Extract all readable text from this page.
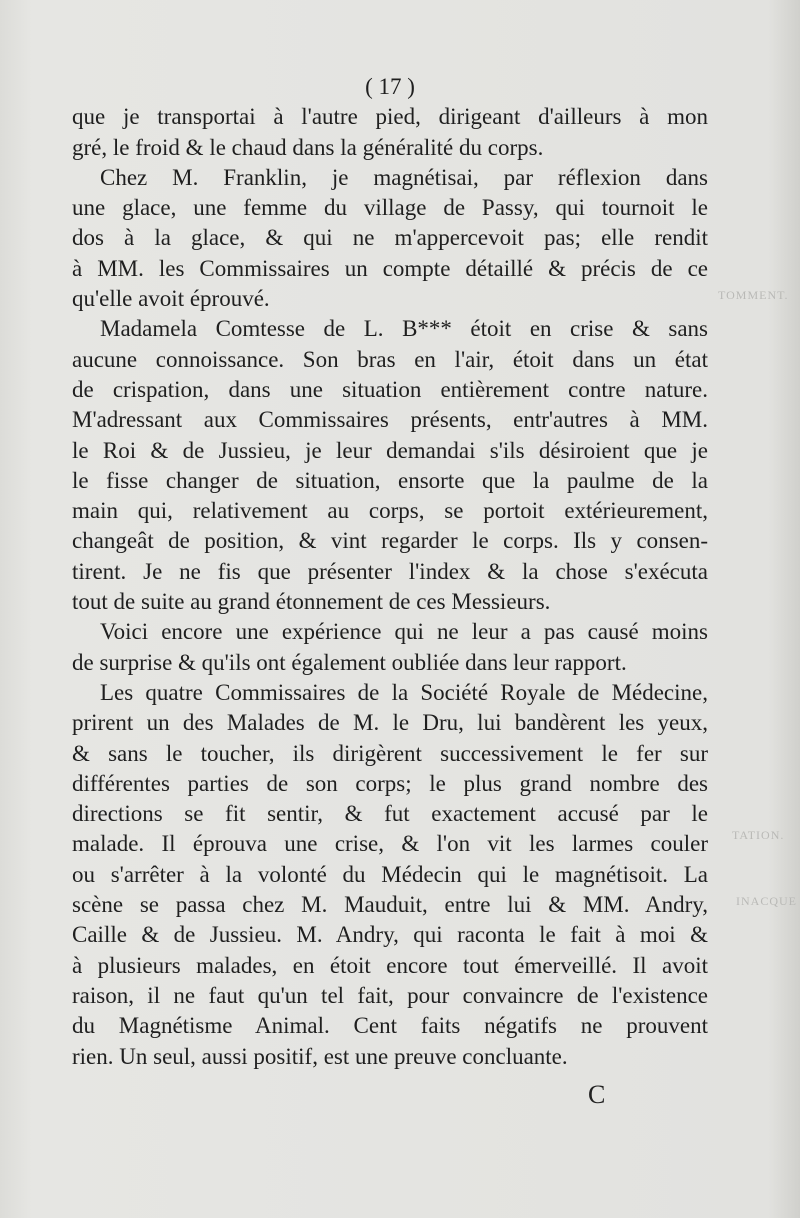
TOMMENT.
TATION.
INACQUE
( 17 )
que je transportai à l'autre pied, dirigeant d'ailleurs à mon
gré, le froid & le chaud dans la généralité du corps.
Chez M. Franklin, je magnétisai, par réflexion dans
une glace, une femme du village de Passy, qui tournoit le
dos à la glace, & qui ne m'appercevoit pas; elle rendit
à MM. les Commissaires un compte détaillé & précis de ce
qu'elle avoit éprouvé.
Madamela Comtesse de L. B*** étoit en crise & sans
aucune connoissance. Son bras en l'air, étoit dans un état
de crispation, dans une situation entièrement contre nature.
M'adressant aux Commissaires présents, entr'autres à MM.
le Roi & de Jussieu, je leur demandai s'ils désiroient que je
le fisse changer de situation, ensorte que la paulme de la
main qui, relativement au corps, se portoit extérieurement,
changeât de position, & vint regarder le corps. Ils y consen-
tirent. Je ne fis que présenter l'index & la chose s'exécuta
tout de suite au grand étonnement de ces Messieurs.
Voici encore une expérience qui ne leur a pas causé moins
de surprise & qu'ils ont également oubliée dans leur rapport.
Les quatre Commissaires de la Société Royale de Médecine,
prirent un des Malades de M. le Dru, lui bandèrent les yeux,
& sans le toucher, ils dirigèrent successivement le fer sur
différentes parties de son corps; le plus grand nombre des
directions se fit sentir, & fut exactement accusé par le
malade. Il éprouva une crise, & l'on vit les larmes couler
ou s'arrêter à la volonté du Médecin qui le magnétisoit. La
scène se passa chez M. Mauduit, entre lui & MM. Andry,
Caille & de Jussieu. M. Andry, qui raconta le fait à moi &
à plusieurs malades, en étoit encore tout émerveillé. Il avoit
raison, il ne faut qu'un tel fait, pour convaincre de l'existence
du Magnétisme Animal. Cent faits négatifs ne prouvent
rien. Un seul, aussi positif, est une preuve concluante.
C
